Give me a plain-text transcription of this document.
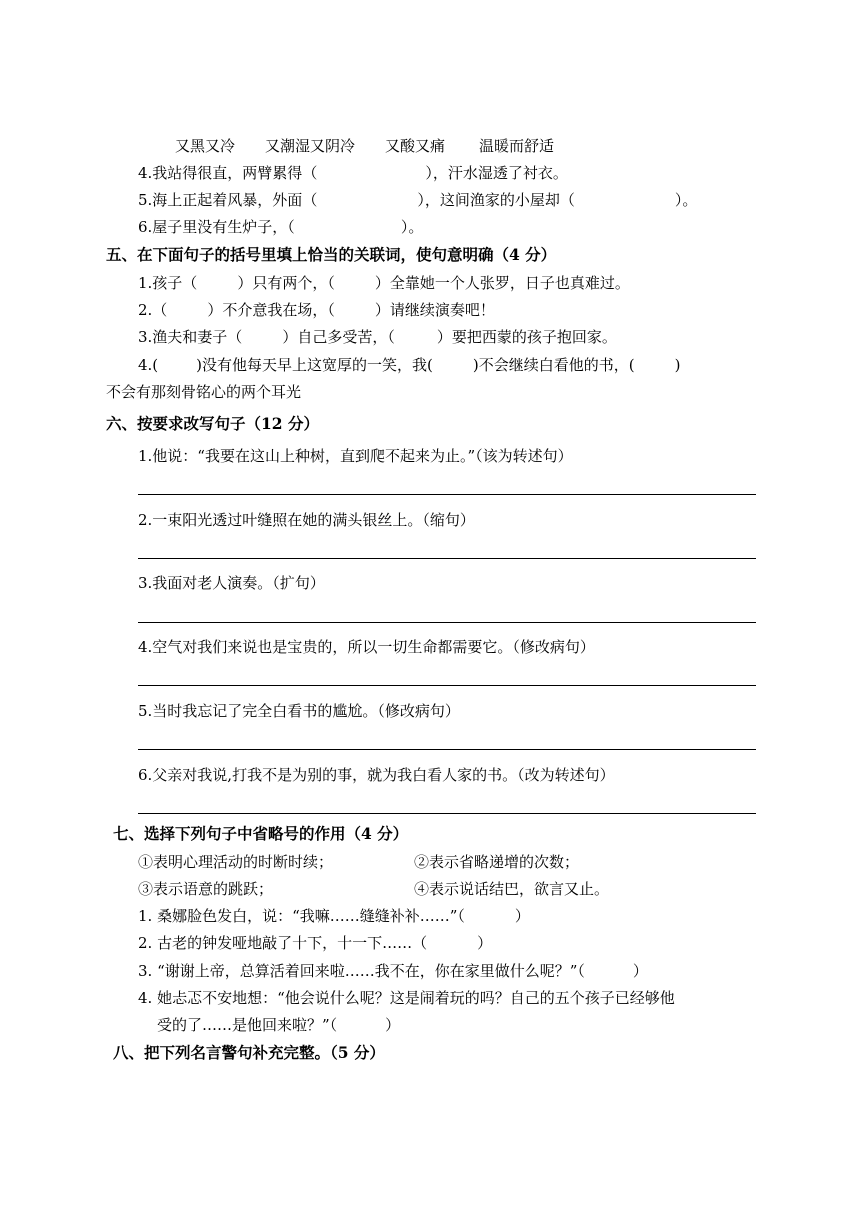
又黑又冷 又潮湿又阴冷 又酸又痛 温暖而舒适
4.我站得很直，两臂累得（	），汗水湿透了衬衣。
5.海上正起着风暴，外面（	），这间渔家的小屋却（	）。
6.屋子里没有生炉子，（	）。
五、在下面句子的括号里填上恰当的关联词，使句意明确（4 分）
1.孩子（	）只有两个，（	）全靠她一个人张罗，日子也真难过。
2.（	）不介意我在场，（	）请继续演奏吧！
3.渔夫和妻子（	）自己多受苦，（	）要把西蒙的孩子抱回家。
4.(	)没有他每天早上这宽厚的一笑，我(	)不会继续白看他的书，(	)
不会有那刻骨铭心的两个耳光
六、按要求改写句子（12 分）
1.他说：“我要在这山上种树，直到爬不起来为止。”（该为转述句）
2.一束阳光透过叶缝照在她的满头银丝上。（缩句）
3.我面对老人演奏。（扩句）
4.空气对我们来说也是宝贵的，所以一切生命都需要它。（修改病句）
5.当时我忘记了完全白看书的尴尬。（修改病句）
6.父亲对我说,打我不是为别的事，就为我白看人家的书。（改为转述句）
七、选择下列句子中省略号的作用（4 分）
①表明心理活动的时断时续；	②表示省略递增的次数；
③表示语意的跳跃；	④表示说话结巴，欲言又止。
1. 桑娜脸色发白，说：“我嘛……缝缝补补……”（	）
2. 古老的钟发哑地敲了十下，十一下……（	）
3. “谢谢上帝，总算活着回来啦……我不在，你在家里做什么呢？”（	）
4. 她忐忑不安地想：“他会说什么呢？这是闹着玩的吗？自己的五个孩子已经够他
受的了……是他回来啦？”（	）
八、把下列名言警句补充完整。（5 分）
